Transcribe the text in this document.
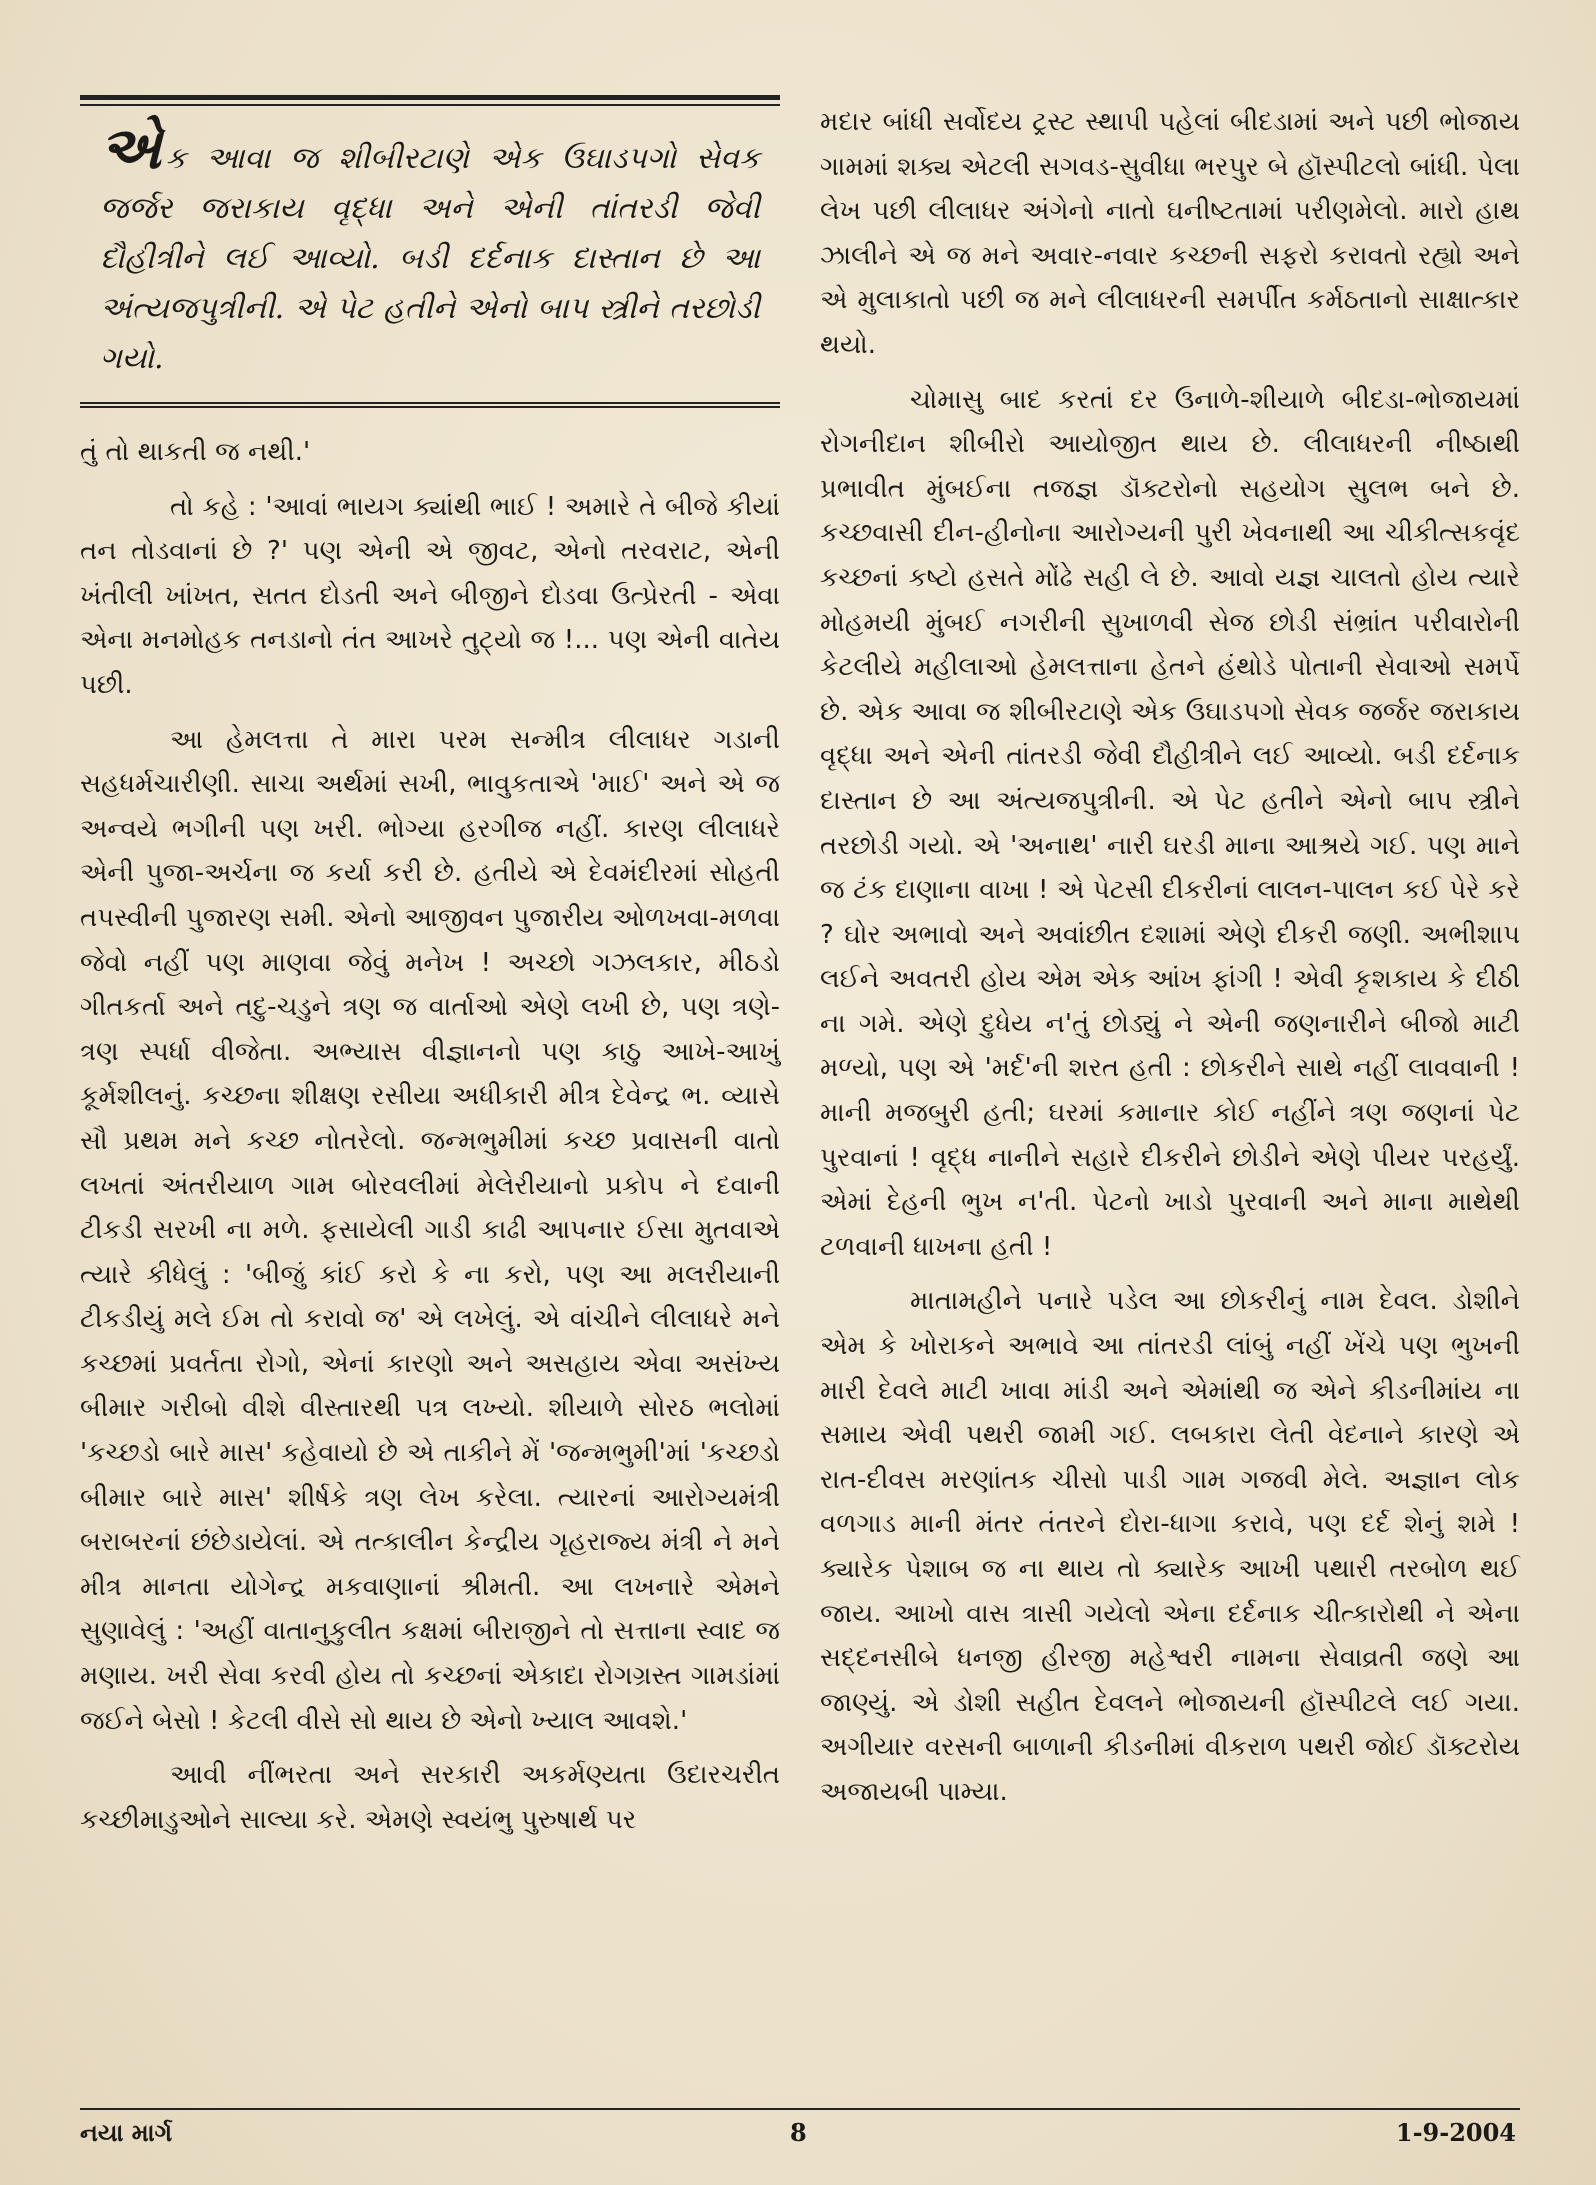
એક આવા જ શીબીરટાણે એક ઉઘાડપગો સેવક જર્જર જરાકાય વૃદ્ધા અને એની તાંતરડી જેવી દૌહીત્રીને લઈ આવ્યો. બડી દર્દનાક દાસ્તાન છે આ અંત્યજપુત્રીની. એ પેટ હતીને એનો બાપ સ્ત્રીને તરછોડી ગયો.

તું તો થાકતી જ નથી.'

તો કહે : 'આવાં ભાયગ ક્યાંથી ભાઈ ! અમારે તે બીજે કીયાં તન તોડવાનાં છે ?' પણ એની એ જીવટ, એનો તરવરાટ, એની ખંતીલી ખાંખત, સતત દોડતી અને બીજીને દોડવા ઉત્પ્રેરતી - એવા એના મનમોહક તનડાનો તંત આખરે તુટ્યો જ !... પણ એની વાતેય પછી.

આ હેમલત્તા તે મારા પરમ સન્મીત્ર લીલાધર ગડાની સહધર્મચારીણી. સાચા અર્થમાં સખી, ભાવુકતાએ 'માઈ' અને એ જ અન્વયે ભગીની પણ ખરી. ભોગ્યા હરગીજ નહીં. કારણ લીલાધરે એની પુજા-અર્ચના જ કર્યા કરી છે. હતીયે એ દેવમંદીરમાં સોહતી તપસ્વીની પુજારણ સમી. એનો આજીવન પુજારીય ઓળખવા-મળવા જેવો નહીં પણ માણવા જેવું મનેખ ! અચ્છો ગઝલકાર, મીઠડો ગીતકર્તા અને તદુ-ચડુને ત્રણ જ વાર્તાઓ એણે લખી છે, પણ ત્રણે-ત્રણ સ્પર્ધા વીજેતા. અભ્યાસ વીજ્ઞાનનો પણ કાઠુ આખે-આખું કૂર્મશીલનું. કચ્છના શીક્ષણ રસીયા અધીકારી મીત્ર દેવેન્દ્ર ભ. વ્યાસે સૌ પ્રથમ મને કચ્છ નોતરેલો. જન્મભુમીમાં કચ્છ પ્રવાસની વાતો લખતાં અંતરીયાળ ગામ બોરવલીમાં મેલેરીયાનો પ્રકોપ ને દવાની ટીકડી સરખી ના મળે. ફસાયેલી ગાડી કાઢી આપનાર ઈસા મુતવાએ ત્યારે કીધેલું : 'બીજું કાંઈ કરો કે ના કરો, પણ આ મલરીયાની ટીકડીયું મલે ઈમ તો કરાવો જ' એ લખેલું. એ વાંચીને લીલાધરે મને કચ્છમાં પ્રવર્તતા રોગો, એનાં કારણો અને અસહાય એવા અસંખ્ય બીમાર ગરીબો વીશે વીસ્તારથી પત્ર લખ્યો. શીયાળે સોરઠ ભલોમાં 'કચ્છડો બારે માસ' કહેવાયો છે એ તાકીને મેં 'જન્મભુમી'માં 'કચ્છડો બીમાર બારે માસ' શીર્ષકે ત્રણ લેખ કરેલા. ત્યારનાં આરોગ્યમંત્રી બરાબરનાં છંછેડાયેલાં. એ તત્કાલીન કેન્દ્રીય ગૃહરાજ્ય મંત્રી ને મને મીત્ર માનતા યોગેન્દ્ર મકવાણાનાં શ્રીમતી. આ લખનારે એમને સુણાવેલું : 'અહીં વાતાનુકુલીત કક્ષમાં બીરાજીને તો સત્તાના સ્વાદ જ મણાય. ખરી સેવા કરવી હોય તો કચ્છનાં એકાદા રોગગ્રસ્ત ગામડાંમાં જઈને બેસો ! કેટલી વીસે સો થાય છે એનો ખ્યાલ આવશે.'

આવી નીંભરતા અને સરકારી અકર્મણ્યતા ઉદારચરીત કચ્છીમાડુઓને સાલ્યા કરે. એમણે સ્વયંભુ પુરુષાર્થ પર

મદાર બાંધી સર્વોદય ટ્રસ્ટ સ્થાપી પહેલાં બીદડામાં અને પછી ભોજાય ગામમાં શક્ય એટલી સગવડ-સુવીધા ભરપુર બે હૉસ્પીટલો બાંધી. પેલા લેખ પછી લીલાધર અંગેનો નાતો ઘનીષ્ટતામાં પરીણમેલો. મારો હાથ ઝાલીને એ જ મને અવાર-નવાર કચ્છની સફરો કરાવતો રહ્યો અને એ મુલાકાતો પછી જ મને લીલાધરની સમર્પીત કર્મઠતાનો સાક્ષાત્કાર થયો.

ચોમાસુ બાદ કરતાં દર ઉનાળે-શીયાળે બીદડા-ભોજાયમાં રોગનીદાન શીબીરો આયોજીત થાય છે. લીલાધરની નીષ્ઠાથી પ્રભાવીત મુંબઈના તજજ્ઞ ડૉક્ટરોનો સહયોગ સુલભ બને છે. કચ્છવાસી દીન-હીનોના આરોગ્યની પુરી ખેવનાથી આ ચીકીત્સકવૃંદ કચ્છનાં કષ્ટો હસતે મોંઢે સહી લે છે. આવો યજ્ઞ ચાલતો હોય ત્યારે મોહમયી મુંબઈ નગરીની સુખાળવી સેજ છોડી સંભ્રાંત પરીવારોની કેટલીયે મહીલાઓ હેમલત્તાના હેતને હંથોડે પોતાની સેવાઓ સમર્પે છે. એક આવા જ શીબીરટાણે એક ઉઘાડપગો સેવક જર્જર જરાકાય વૃદ્ધા અને એની તાંતરડી જેવી દૌહીત્રીને લઈ આવ્યો. બડી દર્દનાક દાસ્તાન છે આ અંત્યજપુત્રીની. એ પેટ હતીને એનો બાપ સ્ત્રીને તરછોડી ગયો. એ 'અનાથ' નારી ઘરડી માના આશ્રયે ગઈ. પણ માને જ ટંક દાણાના વાખા ! એ પેટસી દીકરીનાં લાલન-પાલન કઈ પેરે કરે ? ઘોર અભાવો અને અવાંછીત દશામાં એણે દીકરી જણી. અભીશાપ લઈને અવતરી હોય એમ એક આંખ ફાંગી ! એવી કૃશકાય કે દીઠી ના ગમે. એણે દુધેય ન'તું છોડ્યું ને એની જણનારીને બીજો માટી મળ્યો, પણ એ 'મર્દ'ની શરત હતી : છોકરીને સાથે નહીં લાવવાની ! માની મજબુરી હતી; ઘરમાં કમાનાર કોઈ નહીંને ત્રણ જણનાં પેટ પુરવાનાં ! વૃદ્ધ નાનીને સહારે દીકરીને છોડીને એણે પીયર પરહર્યું. એમાં દેહની ભુખ ન'તી. પેટનો ખાડો પુરવાની અને માના માથેથી ટળવાની ધાખના હતી !

માતામહીને પનારે પડેલ આ છોકરીનું નામ દેવલ. ડોશીને એમ કે ખોરાકને અભાવે આ તાંતરડી લાંબું નહીં ખેંચે પણ ભુખની મારી દેવલે માટી ખાવા માંડી અને એમાંથી જ એને કીડનીમાંય ના સમાય એવી પથરી જામી ગઈ. લબકારા લેતી વેદનાને કારણે એ રાત-દીવસ મરણાંતક ચીસો પાડી ગામ ગજવી મેલે. અજ્ઞાન લોક વળગાડ માની મંતર તંતરને દોરા-ધાગા કરાવે, પણ દર્દ શેનું શમે ! ક્યારેક પેશાબ જ ના થાય તો ક્યારેક આખી પથારી તરબોળ થઈ જાય. આખો વાસ ત્રાસી ગયેલો એના દર્દનાક ચીત્કારોથી ને એના સદ્દનસીબે ધનજી હીરજી મહેશ્વરી નામના સેવાવ્રતી જણે આ જાણ્યું. એ ડોશી સહીત દેવલને ભોજાયની હૉસ્પીટલે લઈ ગયા. અગીયાર વરસની બાળાની કીડનીમાં વીકરાળ પથરી જોઈ ડૉક્ટરોય અજાયબી પામ્યા.

નયા માર્ગ	8	1-9-2004
